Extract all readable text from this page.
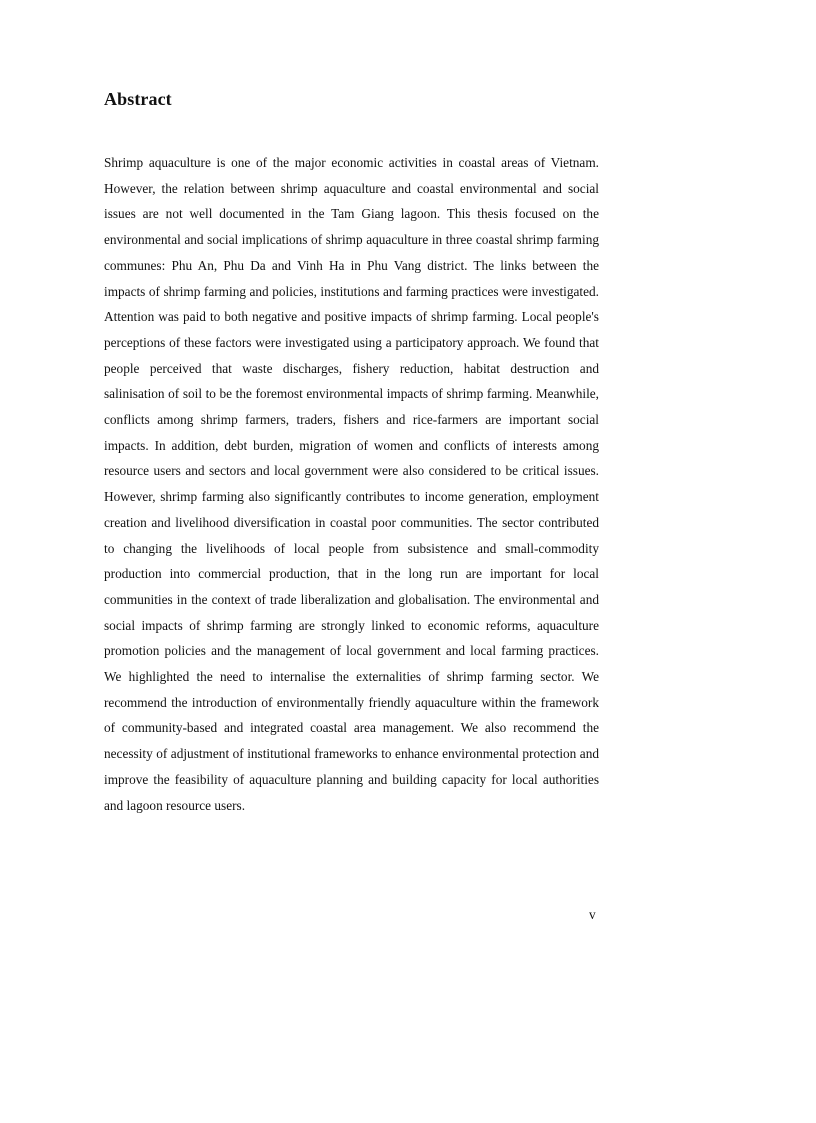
Abstract

Shrimp aquaculture is one of the major economic activities in coastal areas of Vietnam. However, the relation between shrimp aquaculture and coastal environmental and social issues are not well documented in the Tam Giang lagoon. This thesis focused on the environmental and social implications of shrimp aquaculture in three coastal shrimp farming communes: Phu An, Phu Da and Vinh Ha in Phu Vang district. The links between the impacts of shrimp farming and policies, institutions and farming practices were investigated. Attention was paid to both negative and positive impacts of shrimp farming. Local people's perceptions of these factors were investigated using a participatory approach. We found that people perceived that waste discharges, fishery reduction, habitat destruction and salinisation of soil to be the foremost environmental impacts of shrimp farming. Meanwhile, conflicts among shrimp farmers, traders, fishers and rice-farmers are important social impacts. In addition, debt burden, migration of women and conflicts of interests among resource users and sectors and local government were also considered to be critical issues. However, shrimp farming also significantly contributes to income generation, employment creation and livelihood diversification in coastal poor communities. The sector contributed to changing the livelihoods of local people from subsistence and small-commodity production into commercial production, that in the long run are important for local communities in the context of trade liberalization and globalisation. The environmental and social impacts of shrimp farming are strongly linked to economic reforms, aquaculture promotion policies and the management of local government and local farming practices. We highlighted the need to internalise the externalities of shrimp farming sector. We recommend the introduction of environmentally friendly aquaculture within the framework of community-based and integrated coastal area management. We also recommend the necessity of adjustment of institutional frameworks to enhance environmental protection and improve the feasibility of aquaculture planning and building capacity for local authorities and lagoon resource users.

v
